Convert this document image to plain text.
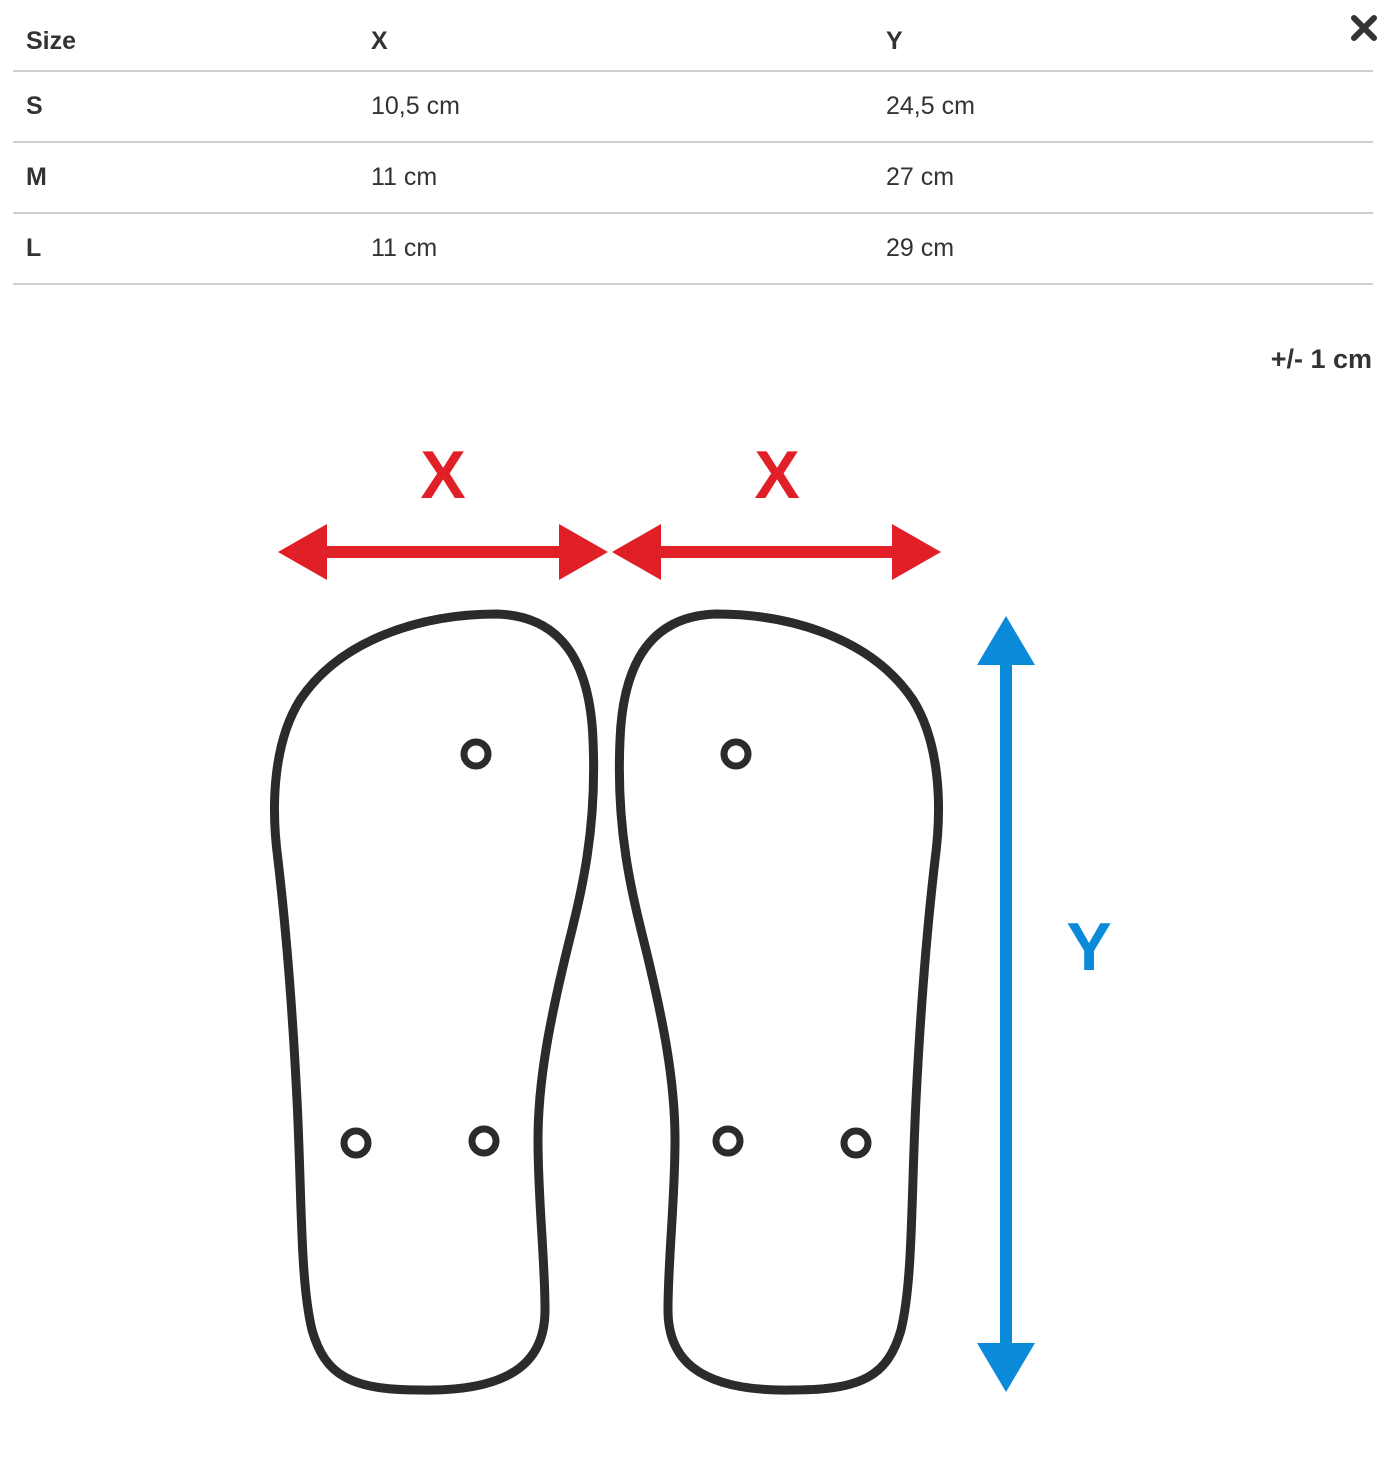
Size	X	Y
S	10,5 cm	24,5 cm
M	11 cm	27 cm
L	11 cm	29 cm
+/- 1 cm
X	X
Y
